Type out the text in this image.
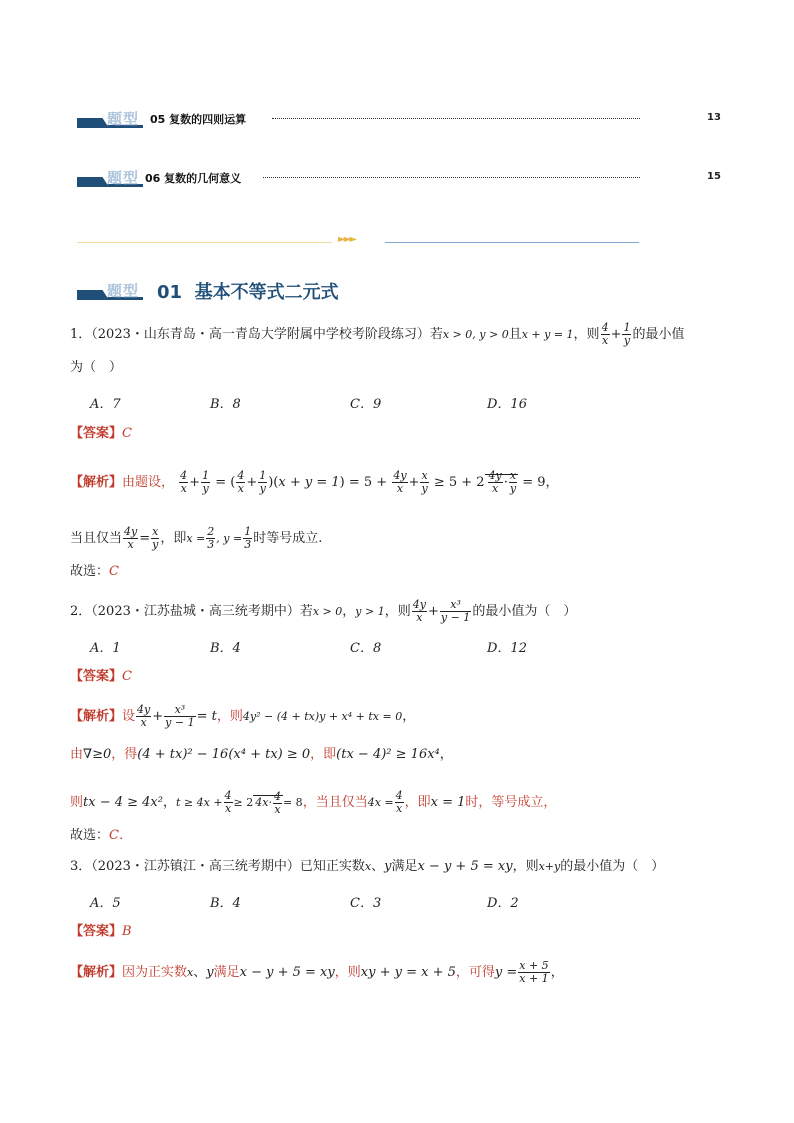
题型 05 复数的四则运算	13
题型 06 复数的几何意义	15
►►►
题型 01 基本不等式二元式
1．（2023・山东青岛・高一青岛大学附属中学校考阶段练习）若x > 0, y > 0且x + y = 1，则 $\frac{4}{x} + \frac{1}{y}$ 的最小值
为（　）
A．7	B．8	C．9	D．16
【答案】C
【解析】由题设， $\frac{4}{x} + \frac{1}{y}$ = ( $\frac{4}{x} + \frac{1}{y} )(x + y = 1) = 5 + \frac{4y}{x} + \frac{x}{y} \ge 5 + 2 \frac{4y}{x} \cdot \frac{x}{y} = 9$，
当且仅当 $\frac{4y}{x} = \frac{x}{y}$ ，即$x = \frac{2}{3}$ , $y = \frac{1}{3}$ 时等号成立.
故选：C
2．（2023・江苏盐城・高三统考期中）若x > 0，y > 1，则 $\frac{4y}{x} + \frac{\text{x³}}{y - 1}$ 的最小值为（　）
A．1	B．4	C．8	D．12
【答案】C
【解析】设 $\frac{4y}{x} + \frac{\text{x³}}{y - 1} = t$，则4y² − (4 + tx)y + x⁴ + tx = 0，
由∇≥0，得(4 + tx)² − 16(x⁴ + tx) ≥ 0，即(tx − 4)² ≥ 16x⁴，
则tx − 4 ≥ 4x²，$t \ge 4x + \frac{4}{x} \ge 2$ $4x\cdot \frac{4}{x} = 8$，当且仅当$4x = \frac{4}{x}$ ，即x = 1时，等号成立，
故选：C．
3．（2023・江苏镇江・高三统考期中）已知正实数x、y满足x − y + 5 = xy，则x+y的最小值为（　）
A．5	B．4	C．3	D．2
【答案】B
【解析】因为正实数x、y满足x − y + 5 = xy，则xy + y = x + 5，可得$y = \frac{x + 5}{x + 1}$ ，
